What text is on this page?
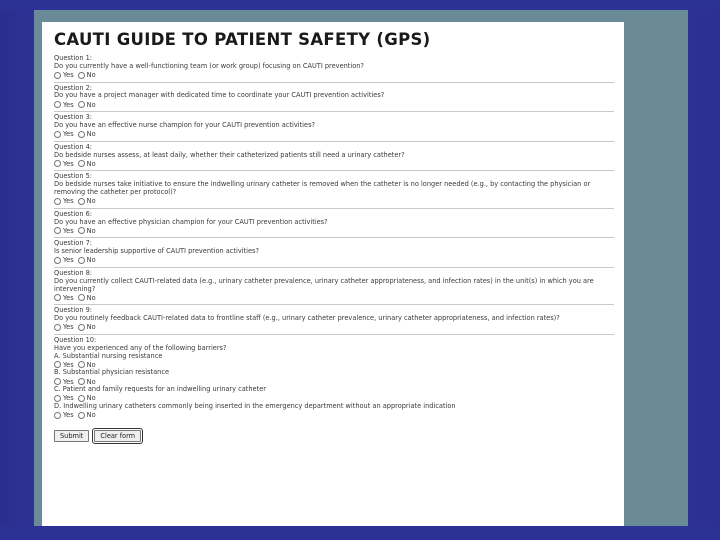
CAUTI GUIDE TO PATIENT SAFETY (GPS)
Question 1:
Do you currently have a well-functioning team (or work group) focusing on CAUTI prevention?
Yes No
Question 2:
Do you have a project manager with dedicated time to coordinate your CAUTI prevention activities?
Yes No
Question 3:
Do you have an effective nurse champion for your CAUTI prevention activities?
Yes No
Question 4:
Do bedside nurses assess, at least daily, whether their catheterized patients still need a urinary catheter?
Yes No
Question 5:
Do bedside nurses take initiative to ensure the indwelling urinary catheter is removed when the catheter is no longer needed (e.g., by contacting the physician or removing the catheter per protocol)?
Yes No
Question 6:
Do you have an effective physician champion for your CAUTI prevention activities?
Yes No
Question 7:
Is senior leadership supportive of CAUTI prevention activities?
Yes No
Question 8:
Do you currently collect CAUTI-related data (e.g., urinary catheter prevalence, urinary catheter appropriateness, and infection rates) in the unit(s) in which you are intervening?
Yes No
Question 9:
Do you routinely feedback CAUTI-related data to frontline staff (e.g., urinary catheter prevalence, urinary catheter appropriateness, and infection rates)?
Yes No
Question 10:
Have you experienced any of the following barriers?
A. Substantial nursing resistance
Yes No
B. Substantial physician resistance
Yes No
C. Patient and family requests for an indwelling urinary catheter
Yes No
D. Indwelling urinary catheters commonly being inserted in the emergency department without an appropriate indication
Yes No
Submit	Clear form
